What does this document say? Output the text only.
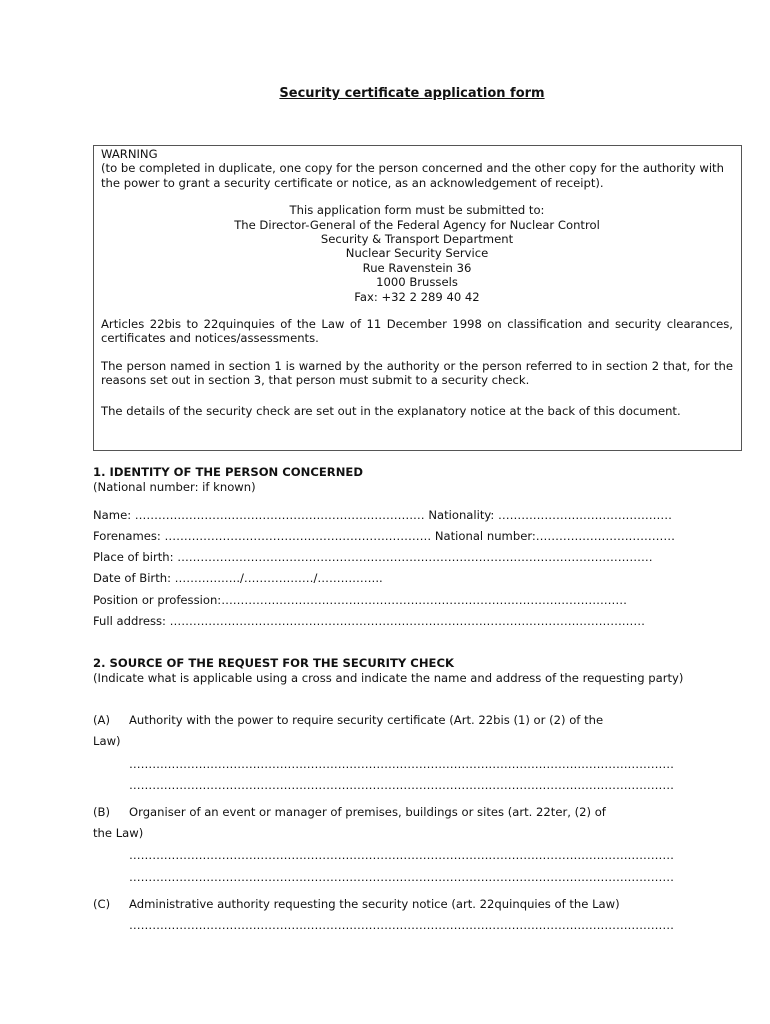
Security certificate application form

WARNING

(to be completed in duplicate, one copy for the person concerned and the other copy for the authority with the power to grant a security certificate or notice, as an acknowledgement of receipt).

This application form must be submitted to:
The Director-General of the Federal Agency for Nuclear Control
Security & Transport Department
Nuclear Security Service
Rue Ravenstein 36
1000 Brussels
Fax: +32 2 289 40 42

Articles 22bis to 22quinquies of the Law of 11 December 1998 on classification and security clearances, certificates and notices/assessments.

The person named in section 1 is warned by the authority or the person referred to in section 2 that, for the reasons set out in section 3, that person must submit to a security check.

The details of the security check are set out in the explanatory notice at the back of this document.

1. IDENTITY OF THE PERSON CONCERNED
(National number: if known)
Name: ………………………………………………………………… Nationality: ………………………………………
Forenames: …………………………………………………………… National number:………………………………
Place of birth: ……………………………………………………………………………………………………………
Date of Birth: ……………../………………/……………..
Position or profession:……………………………………………………………………………………………
Full address: ……………………………………………………………………………………………………………
2. SOURCE OF THE REQUEST FOR THE SECURITY CHECK
(Indicate what is applicable using a cross and indicate the name and address of the requesting party)
(A) Authority with the power to require security certificate (Art. 22bis (1) or (2) of the
Law)
……………………………………………………………………………………………………………………………
……………………………………………………………………………………………………………………………
(B) Organiser of an event or manager of premises, buildings or sites (art. 22ter, (2) of
the Law)
……………………………………………………………………………………………………………………………
……………………………………………………………………………………………………………………………
(C) Administrative authority requesting the security notice (art. 22quinquies of the Law)
……………………………………………………………………………………………………………………………
